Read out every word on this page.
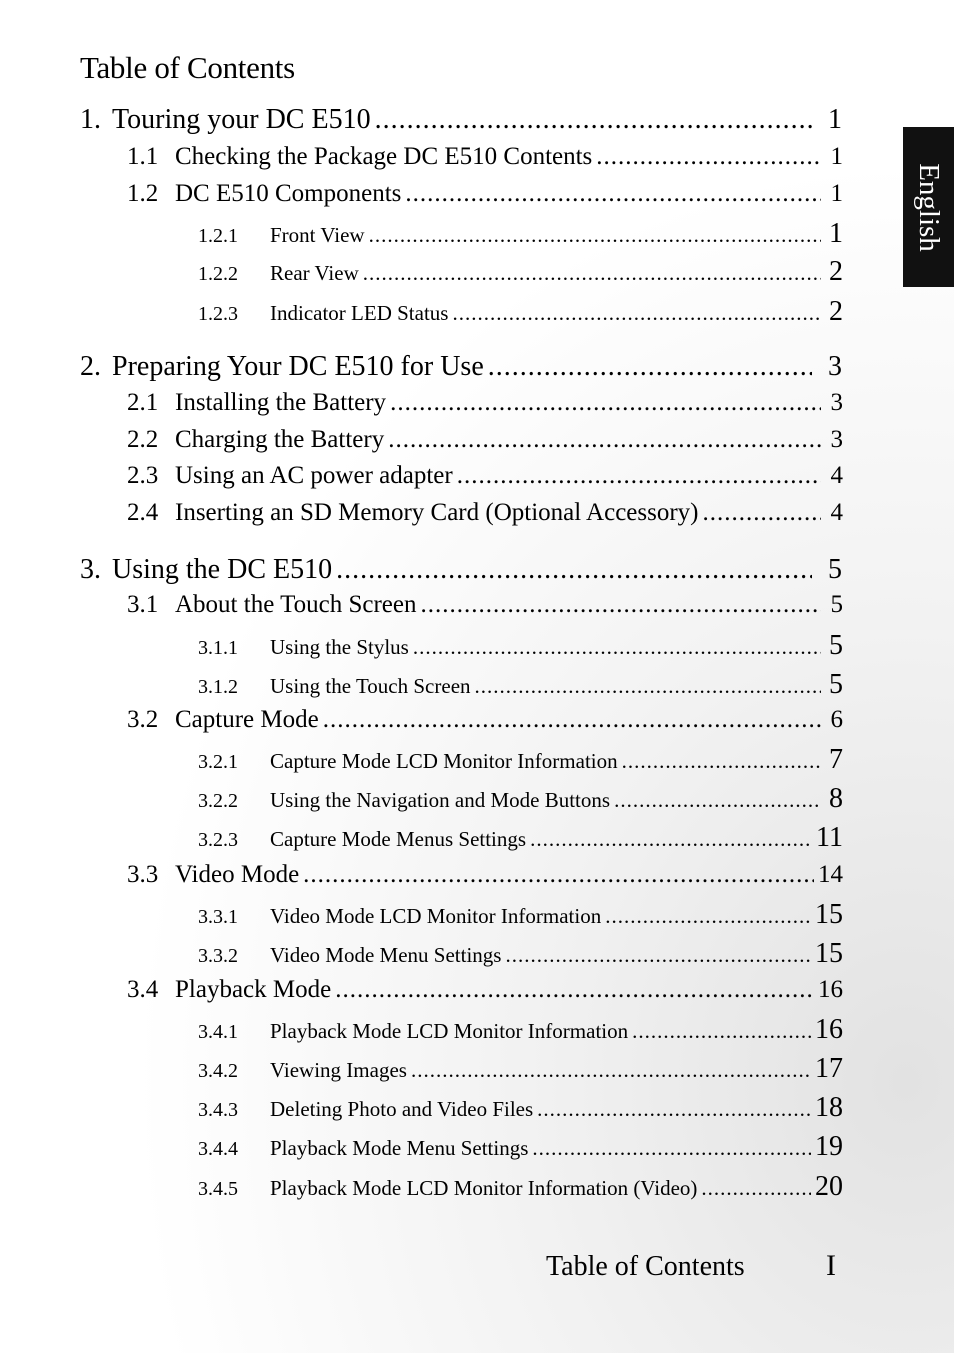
Table of Contents
1. Touring your DC E510 .....	1
1.1 Checking the Package DC E510 Contents .....	1
1.2 DC E510 Components .....	1
1.2.1	Front View .....	1
1.2.2	Rear View .....	2
1.2.3	Indicator LED Status .....	2
2. Preparing Your DC E510 for Use .....	3
2.1 Installing the Battery .....	3
2.2 Charging the Battery .....	3
2.3 Using an AC power adapter .....	4
2.4 Inserting an SD Memory Card (Optional Accessory) .....	4
3. Using the DC E510 .....	5
3.1 About the Touch Screen .....	5
3.1.1	Using the Stylus .....	5
3.1.2	Using the Touch Screen .....	5
3.2 Capture Mode .....	6
3.2.1	Capture Mode LCD Monitor Information .....	7
3.2.2	Using the Navigation and Mode Buttons .....	8
3.2.3	Capture Mode Menus Settings .....	11
3.3 Video Mode .....	14
3.3.1	Video Mode LCD Monitor Information .....	15
3.3.2	Video Mode Menu Settings .....	15
3.4 Playback Mode .....	16
3.4.1	Playback Mode LCD Monitor Information .....	16
3.4.2	Viewing Images .....	17
3.4.3	Deleting Photo and Video Files .....	18
3.4.4	Playback Mode Menu Settings .....	19
3.4.5	Playback Mode LCD Monitor Information (Video) .....	20
English
Table of Contents	I
